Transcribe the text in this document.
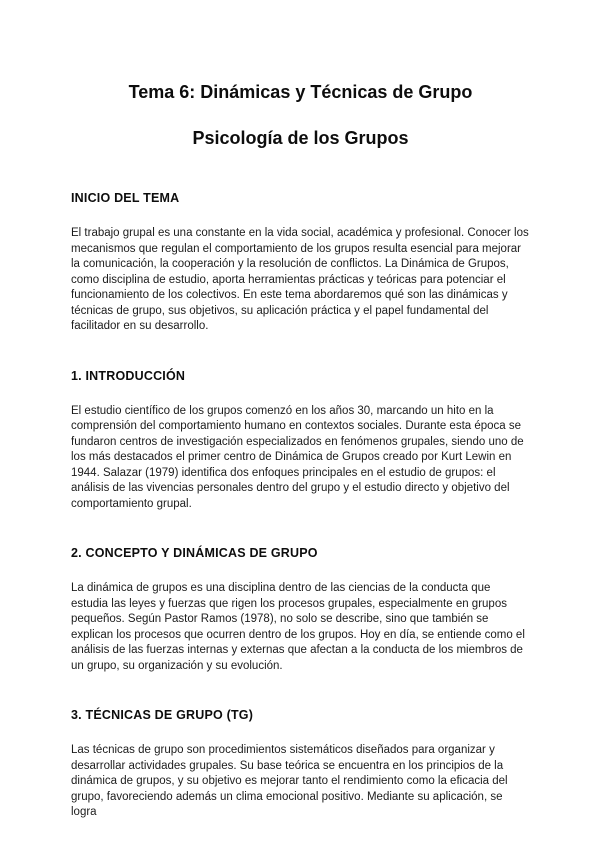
Tema 6: Dinámicas y Técnicas de Grupo
Psicología de los Grupos
INICIO DEL TEMA

El trabajo grupal es una constante en la vida social, académica y profesional. Conocer los mecanismos que regulan el comportamiento de los grupos resulta esencial para mejorar la comunicación, la cooperación y la resolución de conflictos. La Dinámica de Grupos, como disciplina de estudio, aporta herramientas prácticas y teóricas para potenciar el funcionamiento de los colectivos. En este tema abordaremos qué son las dinámicas y técnicas de grupo, sus objetivos, su aplicación práctica y el papel fundamental del facilitador en su desarrollo.

1. INTRODUCCIÓN

El estudio científico de los grupos comenzó en los años 30, marcando un hito en la comprensión del comportamiento humano en contextos sociales. Durante esta época se fundaron centros de investigación especializados en fenómenos grupales, siendo uno de los más destacados el primer centro de Dinámica de Grupos creado por Kurt Lewin en 1944. Salazar (1979) identifica dos enfoques principales en el estudio de grupos: el análisis de las vivencias personales dentro del grupo y el estudio directo y objetivo del comportamiento grupal.

2. CONCEPTO Y DINÁMICAS DE GRUPO

La dinámica de grupos es una disciplina dentro de las ciencias de la conducta que estudia las leyes y fuerzas que rigen los procesos grupales, especialmente en grupos pequeños. Según Pastor Ramos (1978), no solo se describe, sino que también se explican los procesos que ocurren dentro de los grupos. Hoy en día, se entiende como el análisis de las fuerzas internas y externas que afectan a la conducta de los miembros de un grupo, su organización y su evolución.

3. TÉCNICAS DE GRUPO (TG)

Las técnicas de grupo son procedimientos sistemáticos diseñados para organizar y desarrollar actividades grupales. Su base teórica se encuentra en los principios de la dinámica de grupos, y su objetivo es mejorar tanto el rendimiento como la eficacia del grupo, favoreciendo además un clima emocional positivo. Mediante su aplicación, se logra
